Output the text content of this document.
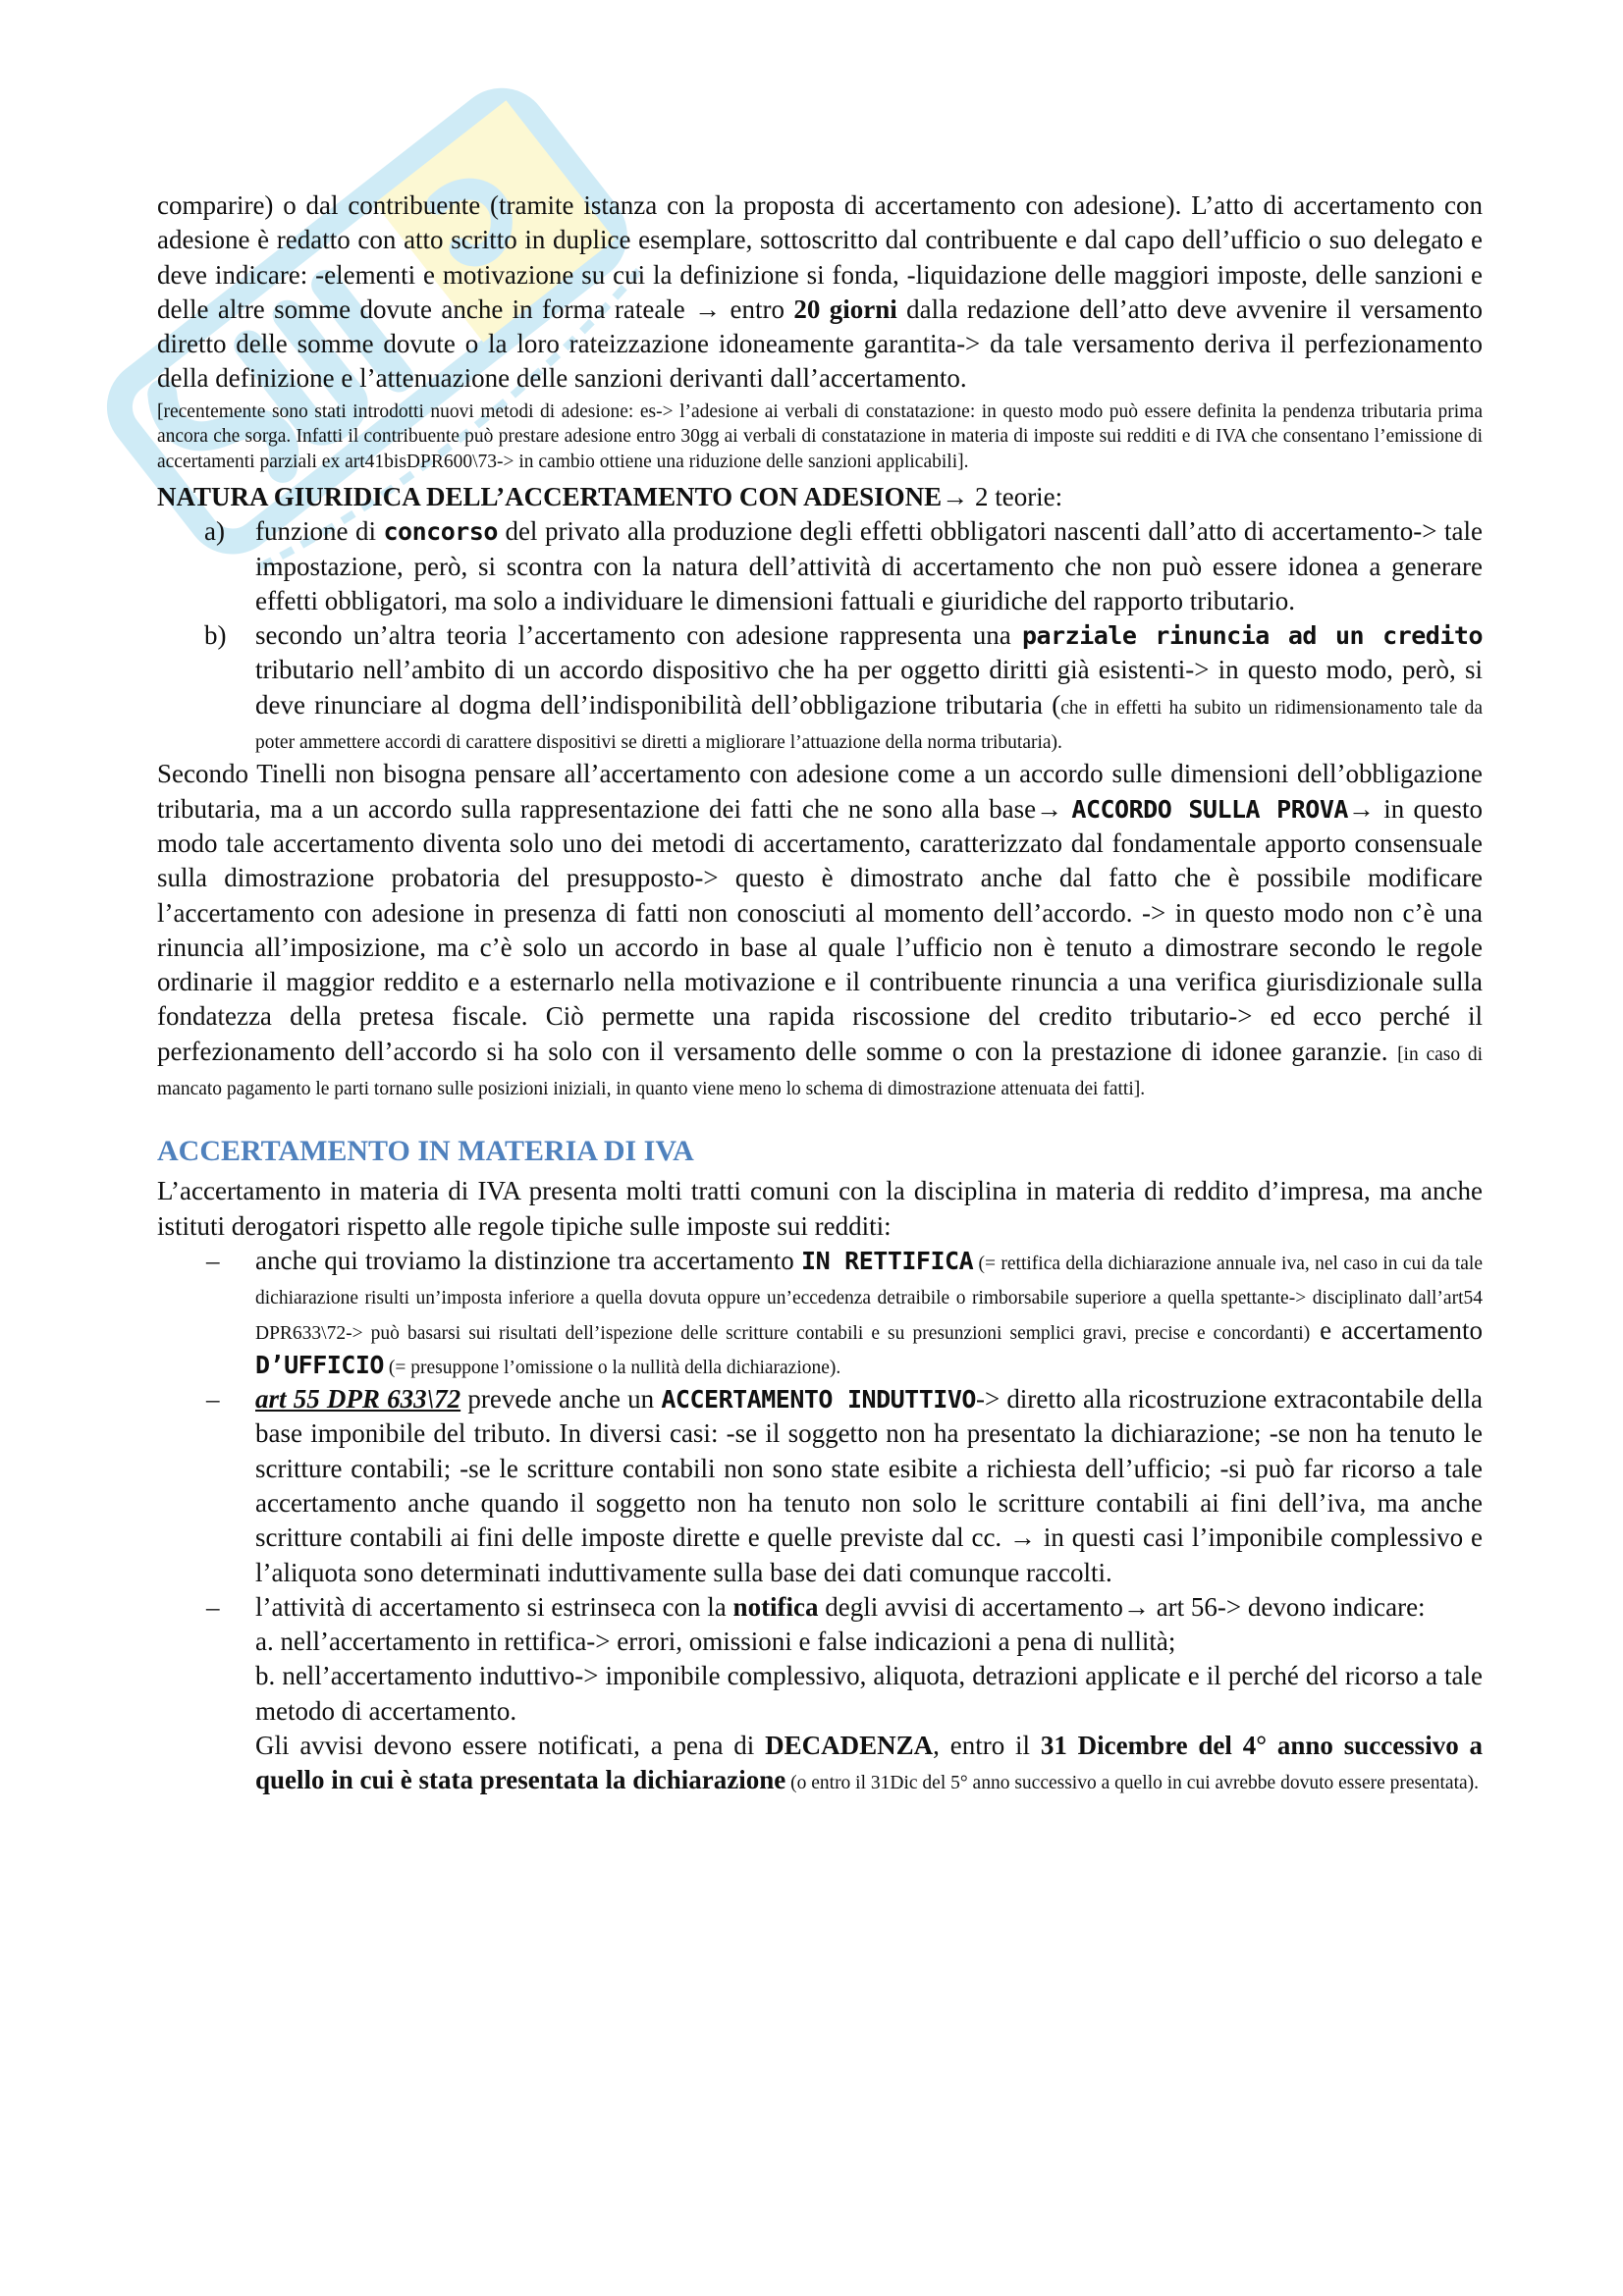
comparire) o dal contribuente (tramite istanza con la proposta di accertamento con adesione). L’atto di accertamento con adesione è redatto con atto scritto in duplice esemplare, sottoscritto dal contribuente e dal capo dell’ufficio o suo delegato e deve indicare: -elementi e motivazione su cui la definizione si fonda, -liquidazione delle maggiori imposte, delle sanzioni e delle altre somme dovute anche in forma rateale → entro 20 giorni dalla redazione dell’atto deve avvenire il versamento diretto delle somme dovute o la loro rateizzazione idoneamente garantita-> da tale versamento deriva il perfezionamento della definizione e l’attenuazione delle sanzioni derivanti dall’accertamento.

[recentemente sono stati introdotti nuovi metodi di adesione: es-> l’adesione ai verbali di constatazione: in questo modo può essere definita la pendenza tributaria prima ancora che sorga. Infatti il contribuente può prestare adesione entro 30gg ai verbali di constatazione in materia di imposte sui redditi e di IVA che consentano l’emissione di accertamenti parziali ex art41bisDPR600\73-> in cambio ottiene una riduzione delle sanzioni applicabili].

NATURA GIURIDICA DELL’ACCERTAMENTO CON ADESIONE→ 2 teorie:

a) funzione di concorso del privato alla produzione degli effetti obbligatori nascenti dall’atto di accertamento-> tale impostazione, però, si scontra con la natura dell’attività di accertamento che non può essere idonea a generare effetti obbligatori, ma solo a individuare le dimensioni fattuali e giuridiche del rapporto tributario.
b) secondo un’altra teoria l’accertamento con adesione rappresenta una parziale rinuncia ad un credito tributario nell’ambito di un accordo dispositivo che ha per oggetto diritti già esistenti-> in questo modo, però, si deve rinunciare al dogma dell’indisponibilità dell’obbligazione tributaria (che in effetti ha subito un ridimensionamento tale da poter ammettere accordi di carattere dispositivi se diretti a migliorare l’attuazione della norma tributaria).

Secondo Tinelli non bisogna pensare all’accertamento con adesione come a un accordo sulle dimensioni dell’obbligazione tributaria, ma a un accordo sulla rappresentazione dei fatti che ne sono alla base→ ACCORDO SULLA PROVA→ in questo modo tale accertamento diventa solo uno dei metodi di accertamento, caratterizzato dal fondamentale apporto consensuale sulla dimostrazione probatoria del presupposto-> questo è dimostrato anche dal fatto che è possibile modificare l’accertamento con adesione in presenza di fatti non conosciuti al momento dell’accordo. -> in questo modo non c’è una rinuncia all’imposizione, ma c’è solo un accordo in base al quale l’ufficio non è tenuto a dimostrare secondo le regole ordinarie il maggior reddito e a esternarlo nella motivazione e il contribuente rinuncia a una verifica giurisdizionale sulla fondatezza della pretesa fiscale. Ciò permette una rapida riscossione del credito tributario-> ed ecco perché il perfezionamento dell’accordo si ha solo con il versamento delle somme o con la prestazione di idonee garanzie. [in caso di mancato pagamento le parti tornano sulle posizioni iniziali, in quanto viene meno lo schema di dimostrazione attenuata dei fatti].

ACCERTAMENTO IN MATERIA DI IVA

L’accertamento in materia di IVA presenta molti tratti comuni con la disciplina in materia di reddito d’impresa, ma anche istituti derogatori rispetto alle regole tipiche sulle imposte sui redditi:

– anche qui troviamo la distinzione tra accertamento IN RETTIFICA (= rettifica della dichiarazione annuale iva, nel caso in cui da tale dichiarazione risulti un’imposta inferiore a quella dovuta oppure un’eccedenza detraibile o rimborsabile superiore a quella spettante-> disciplinato dall’art54 DPR633\72-> può basarsi sui risultati dell’ispezione delle scritture contabili e su presunzioni semplici gravi, precise e concordanti) e accertamento D’UFFICIO (= presuppone l’omissione o la nullità della dichiarazione).
– art 55 DPR 633\72 prevede anche un ACCERTAMENTO INDUTTIVO-> diretto alla ricostruzione extracontabile della base imponibile del tributo. In diversi casi: -se il soggetto non ha presentato la dichiarazione; -se non ha tenuto le scritture contabili; -se le scritture contabili non sono state esibite a richiesta dell’ufficio; -si può far ricorso a tale accertamento anche quando il soggetto non ha tenuto non solo le scritture contabili ai fini dell’iva, ma anche scritture contabili ai fini delle imposte dirette e quelle previste dal cc. → in questi casi l’imponibile complessivo e l’aliquota sono determinati induttivamente sulla base dei dati comunque raccolti.
– l’attività di accertamento si estrinseca con la notifica degli avvisi di accertamento→ art 56-> devono indicare:

a. nell’accertamento in rettifica-> errori, omissioni e false indicazioni a pena di nullità;

b. nell’accertamento induttivo-> imponibile complessivo, aliquota, detrazioni applicate e il perché del ricorso a tale metodo di accertamento.

Gli avvisi devono essere notificati, a pena di DECADENZA, entro il 31 Dicembre del 4° anno successivo a quello in cui è stata presentata la dichiarazione (o entro il 31Dic del 5° anno successivo a quello in cui avrebbe dovuto essere presentata).
